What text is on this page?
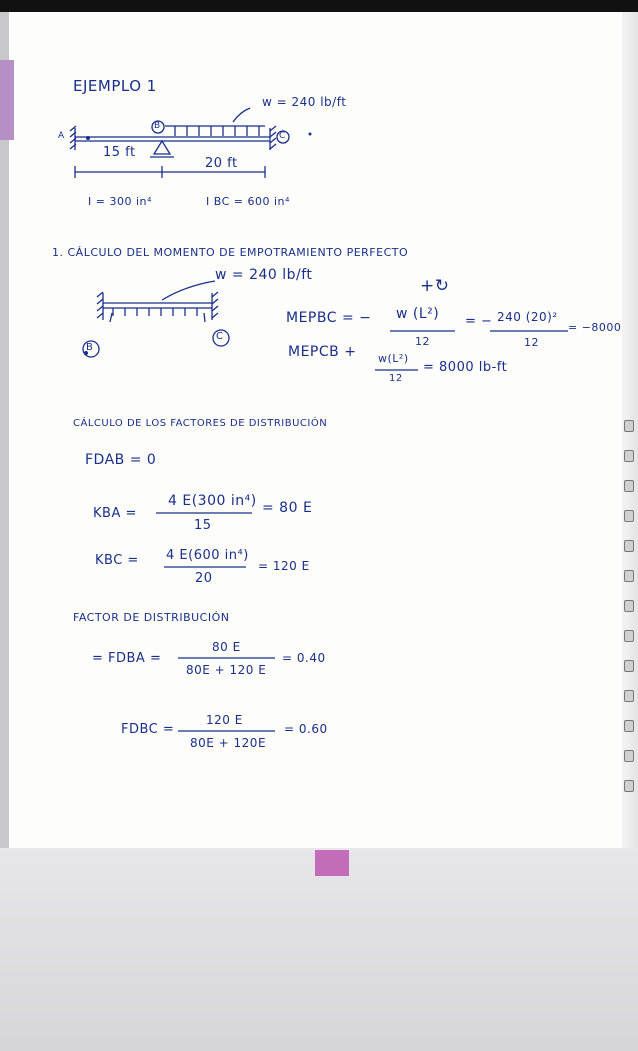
EJEMPLO 1
w = 240 lb/ft
A
B
C
15 ft
20 ft
I = 300 in⁴	I BC = 600 in⁴
1. CÁLCULO DEL MOMENTO DE EMPOTRAMIENTO PERFECTO
w = 240 lb/ft
B
C
+↻
MEPBC = − w (L²)
12
= − 240 (20)²
12
= −8000
MEPCB + w(L²)
12
= 8000 lb-ft
CÁLCULO DE LOS FACTORES DE DISTRIBUCIÓN
FDAB = 0
KBA =
4 E(300 in⁴)
15
= 80 E
KBC = 4 E(600 in⁴)
20
= 120 E
FACTOR DE DISTRIBUCIÓN
= FDBA =
80 E
80E + 120 E
= 0.40
FDBC =
120 E
80E + 120E
= 0.60
